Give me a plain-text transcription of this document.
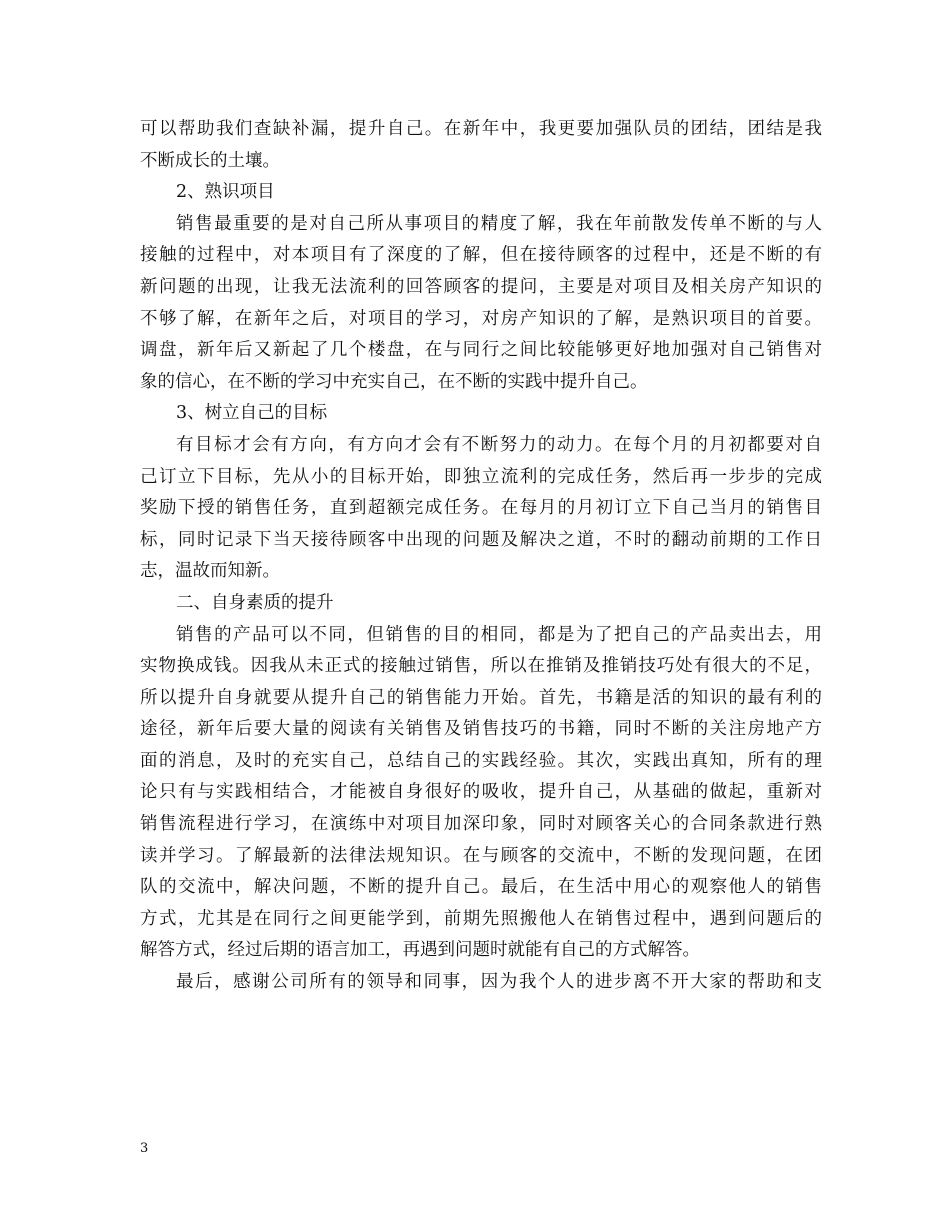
可以帮助我们查缺补漏，提升自己。在新年中，我更要加强队员的团结，团结是我
不断成长的土壤。
2、熟识项目
销售最重要的是对自己所从事项目的精度了解，我在年前散发传单不断的与人
接触的过程中，对本项目有了深度的了解，但在接待顾客的过程中，还是不断的有
新问题的出现，让我无法流利的回答顾客的提问，主要是对项目及相关房产知识的
不够了解，在新年之后，对项目的学习，对房产知识的了解，是熟识项目的首要。
调盘，新年后又新起了几个楼盘，在与同行之间比较能够更好地加强对自己销售对
象的信心，在不断的学习中充实自己，在不断的实践中提升自己。
3、树立自己的目标
有目标才会有方向，有方向才会有不断努力的动力。在每个月的月初都要对自
己订立下目标，先从小的目标开始，即独立流利的完成任务，然后再一步步的完成
奖励下授的销售任务，直到超额完成任务。在每月的月初订立下自己当月的销售目
标，同时记录下当天接待顾客中出现的问题及解决之道，不时的翻动前期的工作日
志，温故而知新。
二、自身素质的提升
销售的产品可以不同，但销售的目的相同，都是为了把自己的产品卖出去，用
实物换成钱。因我从未正式的接触过销售，所以在推销及推销技巧处有很大的不足，
所以提升自身就要从提升自己的销售能力开始。首先，书籍是活的知识的最有利的
途径，新年后要大量的阅读有关销售及销售技巧的书籍，同时不断的关注房地产方
面的消息，及时的充实自己，总结自己的实践经验。其次，实践出真知，所有的理
论只有与实践相结合，才能被自身很好的吸收，提升自己，从基础的做起，重新对
销售流程进行学习，在演练中对项目加深印象，同时对顾客关心的合同条款进行熟
读并学习。了解最新的法律法规知识。在与顾客的交流中，不断的发现问题，在团
队的交流中，解决问题，不断的提升自己。最后，在生活中用心的观察他人的销售
方式，尤其是在同行之间更能学到，前期先照搬他人在销售过程中，遇到问题后的
解答方式，经过后期的语言加工，再遇到问题时就能有自己的方式解答。
最后，感谢公司所有的领导和同事，因为我个人的进步离不开大家的帮助和支
3
